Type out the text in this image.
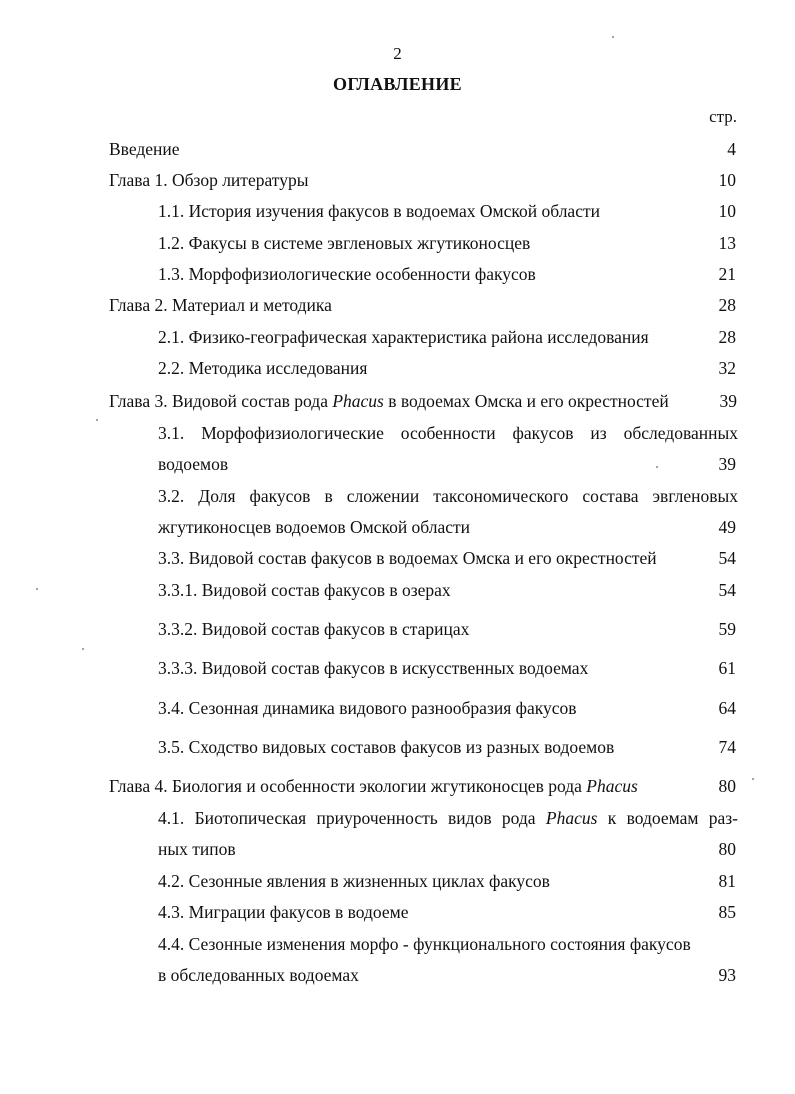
2
ОГЛАВЛЕНИЕ
стр.
Введение	4
Глава 1. Обзор литературы	10
1.1. История изучения факусов в водоемах Омской области	10
1.2. Факусы в системе эвгленовых жгутиконосцев	13
1.3. Морфофизиологические особенности факусов	21
Глава 2. Материал и методика	28
2.1. Физико-географическая характеристика района исследования	28
2.2. Методика исследования	32
Глава 3. Видовой состав рода Phacus в водоемах Омска и его окрестностей	39
3.1. Морфофизиологические особенности факусов из обследованных
водоемов	39
3.2. Доля факусов в сложении таксономического состава эвгленовых
жгутиконосцев водоемов Омской области	49
3.3. Видовой состав факусов в водоемах Омска и его окрестностей	54
3.3.1. Видовой состав факусов в озерах	54
3.3.2. Видовой состав факусов в старицах	59
3.3.3. Видовой состав факусов в искусственных водоемах	61
3.4. Сезонная динамика видового разнообразия факусов	64
3.5. Сходство видовых составов факусов из разных водоемов	74
Глава 4. Биология и особенности экологии жгутиконосцев рода Phacus	80
4.1. Биотопическая приуроченность видов рода Phacus к водоемам раз-
ных типов	80
4.2. Сезонные явления в жизненных циклах факусов	81
4.3. Миграции факусов в водоеме	85
4.4. Сезонные изменения морфо - функционального состояния факусов
в обследованных водоемах	93
